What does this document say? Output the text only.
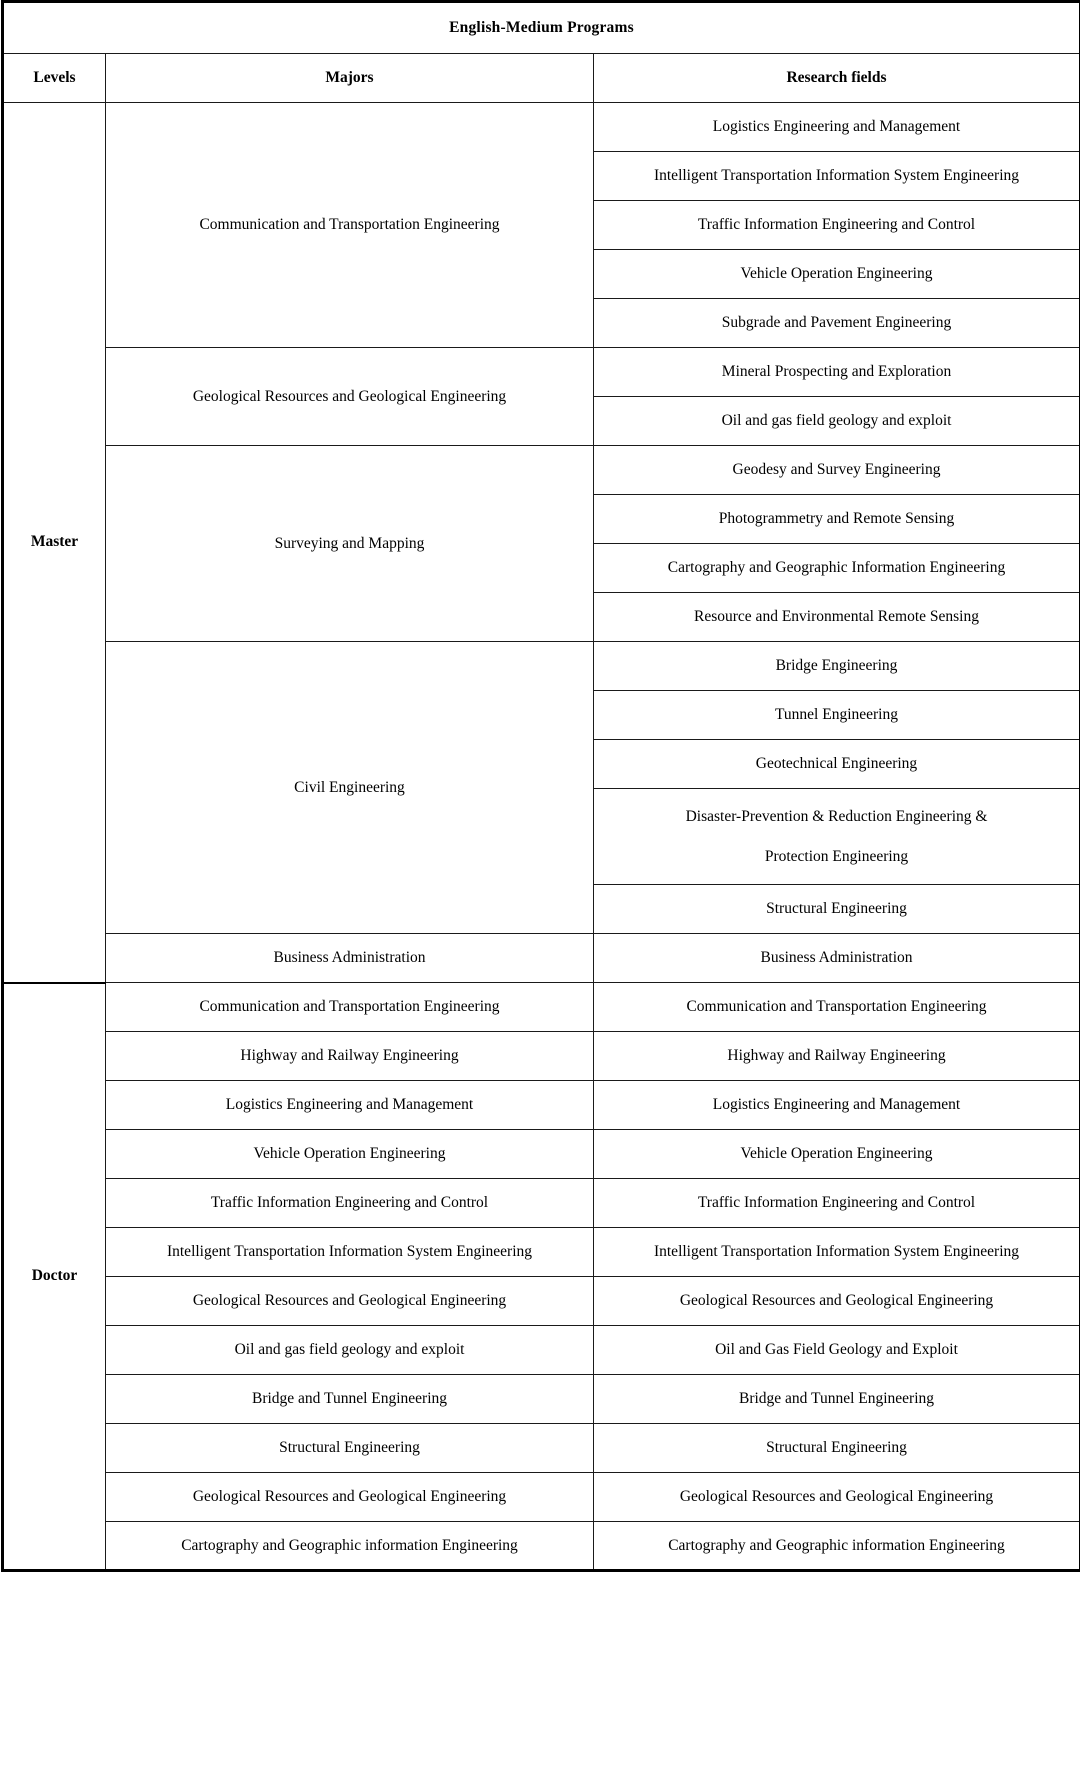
English-Medium Programs		
Levels	Majors	Research fields
Master	Communication and Transportation Engineering	Logistics Engineering and Management
		Intelligent Transportation Information System Engineering
		Traffic Information Engineering and Control
		Vehicle Operation Engineering
		Subgrade and Pavement Engineering
	Geological Resources and Geological Engineering	Mineral Prospecting and Exploration
		Oil and gas field geology and exploit
	Surveying and Mapping	Geodesy and Survey Engineering
		Photogrammetry and Remote Sensing
		Cartography and Geographic Information Engineering
		Resource and Environmental Remote Sensing
	Civil Engineering	Bridge Engineering
		Tunnel Engineering
		Geotechnical Engineering

		Disaster-Prevention & Reduction Engineering &
Protection Engineering

		Structural Engineering
	Business Administration	Business Administration
Doctor	Communication and Transportation Engineering	Communication and Transportation Engineering
	Highway and Railway Engineering	Highway and Railway Engineering
	Logistics Engineering and Management	Logistics Engineering and Management
	Vehicle Operation Engineering	Vehicle Operation Engineering
	Traffic Information Engineering and Control	Traffic Information Engineering and Control
	Intelligent Transportation Information System Engineering	Intelligent Transportation Information System Engineering
	Geological Resources and Geological Engineering	Geological Resources and Geological Engineering
	Oil and gas field geology and exploit	Oil and Gas Field Geology and Exploit
	Bridge and Tunnel Engineering	Bridge and Tunnel Engineering
	Structural Engineering	Structural Engineering
	Geological Resources and Geological Engineering	Geological Resources and Geological Engineering
	Cartography and Geographic information Engineering	Cartography and Geographic information Engineering
